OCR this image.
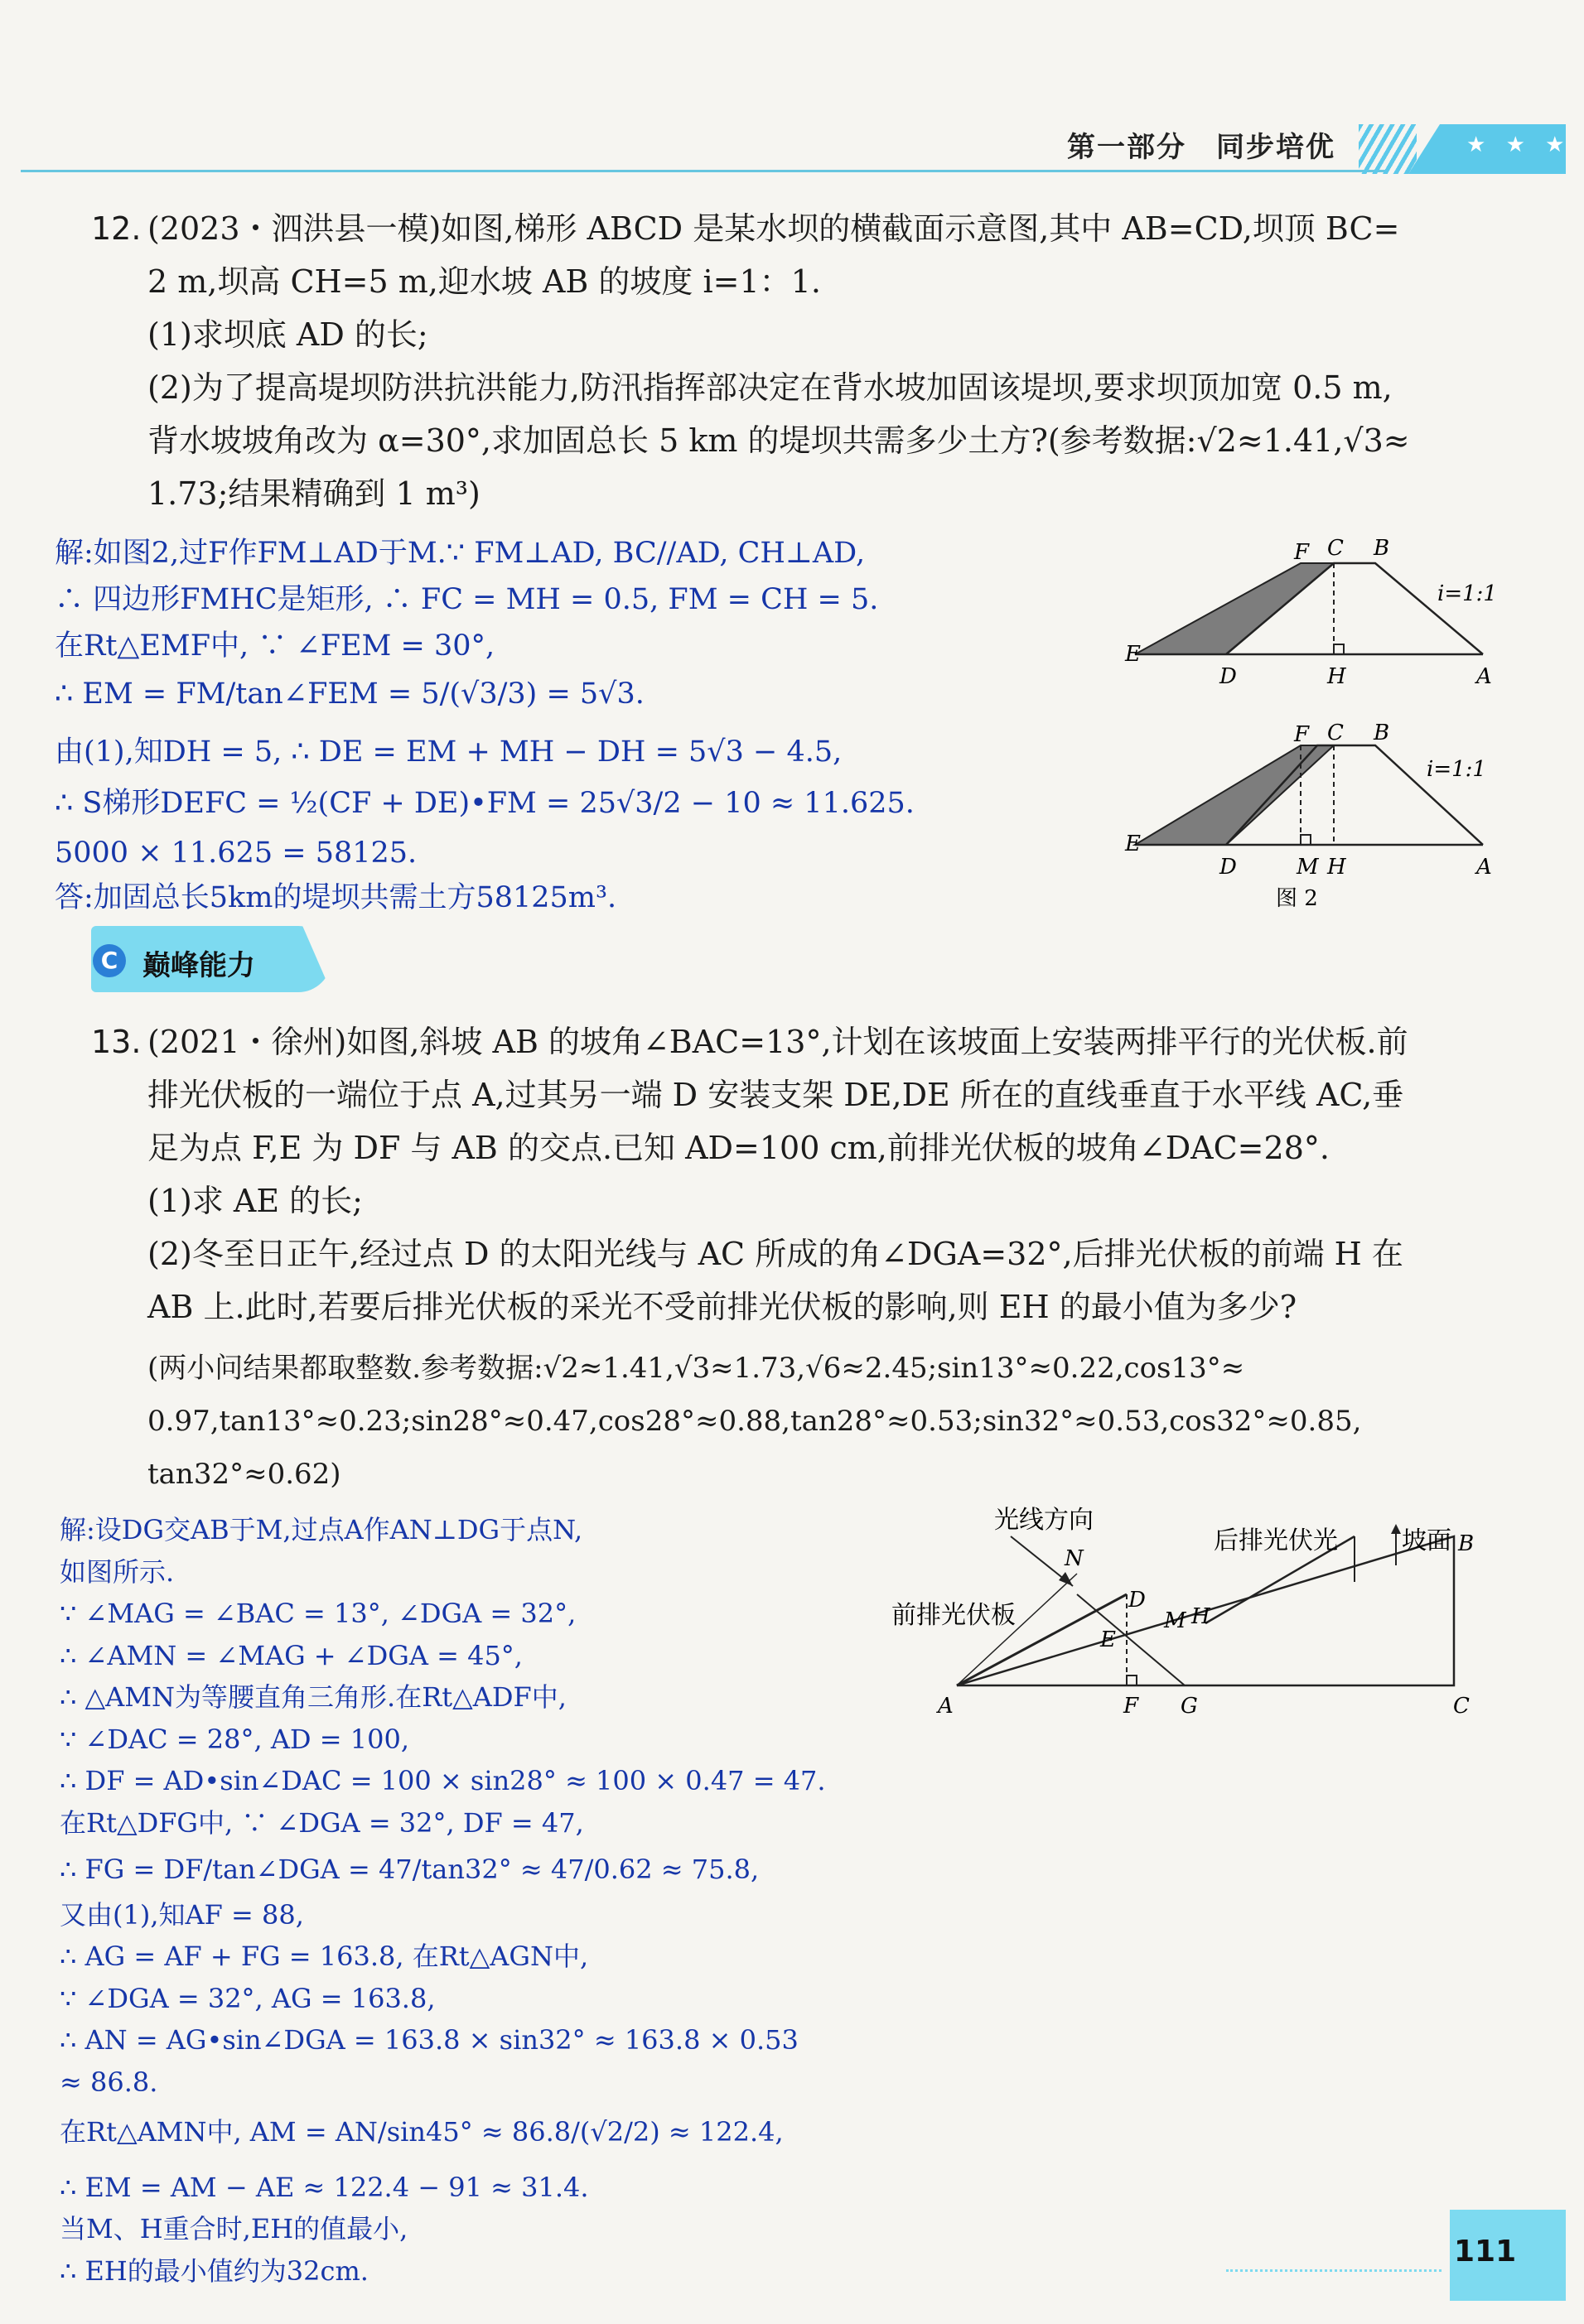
第一部分　同步培优	★ ★ ★
12. (2023・泗洪县一模)如图,梯形 ABCD 是某水坝的横截面示意图,其中 AB=CD,坝顶 BC=
2 m,坝高 CH=5 m,迎水坡 AB 的坡度 i=1：1.
(1)求坝底 AD 的长;
(2)为了提高堤坝防洪抗洪能力,防汛指挥部决定在背水坡加固该堤坝,要求坝顶加宽 0.5 m,
背水坡坡角改为 α=30°,求加固总长 5 km 的堤坝共需多少土方?(参考数据:√2≈1.41,√3≈
1.73;结果精确到 1 m³)
解:如图2,过F作FM⊥AD于M.∵ FM⊥AD, BC//AD, CH⊥AD,
∴ 四边形FMHC是矩形, ∴ FC = MH = 0.5, FM = CH = 5.
在Rt△EMF中, ∵ ∠FEM = 30°,
∴ EM = FM/tan∠FEM = 5/(√3/3) = 5√3.
由(1),知DH = 5, ∴ DE = EM + MH − DH = 5√3 − 4.5,
∴ S梯形DEFC = ½(CF + DE)•FM = 25√3/2 − 10 ≈ 11.625.
5000 × 11.625 = 58125.
答:加固总长5km的堤坝共需土方58125m³.
F C B
i=1:1
E
D	H	A
F C B
i=1:1
E
D	M H	A
图 2
C 巅峰能力
13. (2021・徐州)如图,斜坡 AB 的坡角∠BAC=13°,计划在该坡面上安装两排平行的光伏板.前
排光伏板的一端位于点 A,过其另一端 D 安装支架 DE,DE 所在的直线垂直于水平线 AC,垂
足为点 F,E 为 DF 与 AB 的交点.已知 AD=100 cm,前排光伏板的坡角∠DAC=28°.
(1)求 AE 的长;
(2)冬至日正午,经过点 D 的太阳光线与 AC 所成的角∠DGA=32°,后排光伏板的前端 H 在
AB 上.此时,若要后排光伏板的采光不受前排光伏板的影响,则 EH 的最小值为多少?
(两小问结果都取整数.参考数据:√2≈1.41,√3≈1.73,√6≈2.45;sin13°≈0.22,cos13°≈
0.97,tan13°≈0.23;sin28°≈0.47,cos28°≈0.88,tan28°≈0.53;sin32°≈0.53,cos32°≈0.85,
tan32°≈0.62)
解:设DG交AB于M,过点A作AN⊥DG于点N,
如图所示.
∵ ∠MAG = ∠BAC = 13°, ∠DGA = 32°,
∴ ∠AMN = ∠MAG + ∠DGA = 45°,
∴ △AMN为等腰直角三角形.在Rt△ADF中,
∵ ∠DAC = 28°, AD = 100,
∴ DF = AD•sin∠DAC = 100 × sin28° ≈ 100 × 0.47 = 47.
在Rt△DFG中, ∵ ∠DGA = 32°, DF = 47,
∴ FG = DF/tan∠DGA = 47/tan32° ≈ 47/0.62 ≈ 75.8,
又由(1),知AF = 88,
∴ AG = AF + FG = 163.8, 在Rt△AGN中,
∵ ∠DGA = 32°, AG = 163.8,
∴ AN = AG•sin∠DGA = 163.8 × sin32° ≈ 163.8 × 0.53
≈ 86.8.
在Rt△AMN中, AM = AN/sin45° ≈ 86.8/(√2/2) ≈ 122.4,
∴ EM = AM − AE ≈ 122.4 − 91 ≈ 31.4.
当M、H重合时,EH的值最小,
∴ EH的最小值约为32cm.
光线方向
后排光伏光
前排光伏板
坡面
N
D
M H
E
A	F G	C
B
111
